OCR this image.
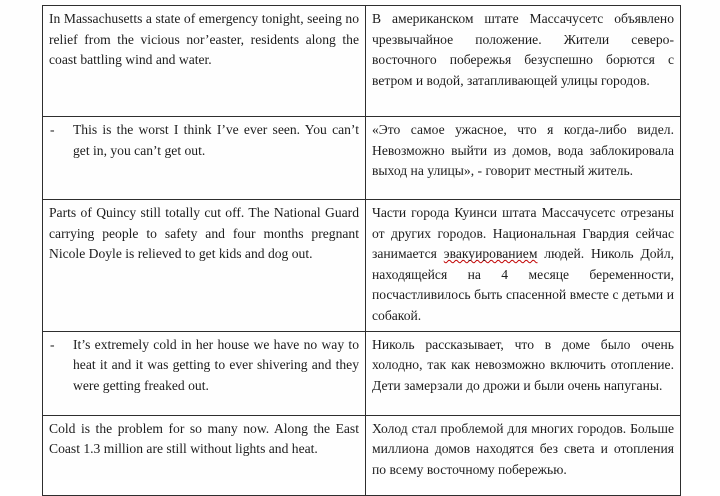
In Massachusetts a state of emergency tonight, seeing no relief from the vicious nor’easter, residents along the coast battling wind and water.	В американском штате Массачусетс объявлено чрезвычайное положение. Жители северо-восточного побережья безуспешно борются с ветром и водой, затапливающей улицы городов.

- This is the worst I think I’ve ever seen. You can’t get in, you can’t get out.	«Это самое ужасное, что я когда-либо видел. Невозможно выйти из домов, вода заблокировала выход на улицы», - говорит местный житель.
Parts of Quincy still totally cut off. The National Guard carrying people to safety and four months pregnant Nicole Doyle is relieved to get kids and dog out.	Части города Куинси штата Массачусетс отрезаны от других городов. Национальная Гвардия сейчас занимается эвакуированием людей. Николь Дойл, находящейся на 4 месяце беременности, посчастливилось быть спасенной вместе с детьми и собакой.

- It’s extremely cold in her house we have no way to heat it and it was getting to ever shivering and they were getting freaked out.	Николь рассказывает, что в доме было очень холодно, так как невозможно включить отопление. Дети замерзали до дрожи и были очень напуганы.
Cold is the problem for so many now. Along the East Coast 1.3 million are still without lights and heat.	Холод стал проблемой для многих городов. Больше миллиона домов находятся без света и отопления по всему восточному побережью.
